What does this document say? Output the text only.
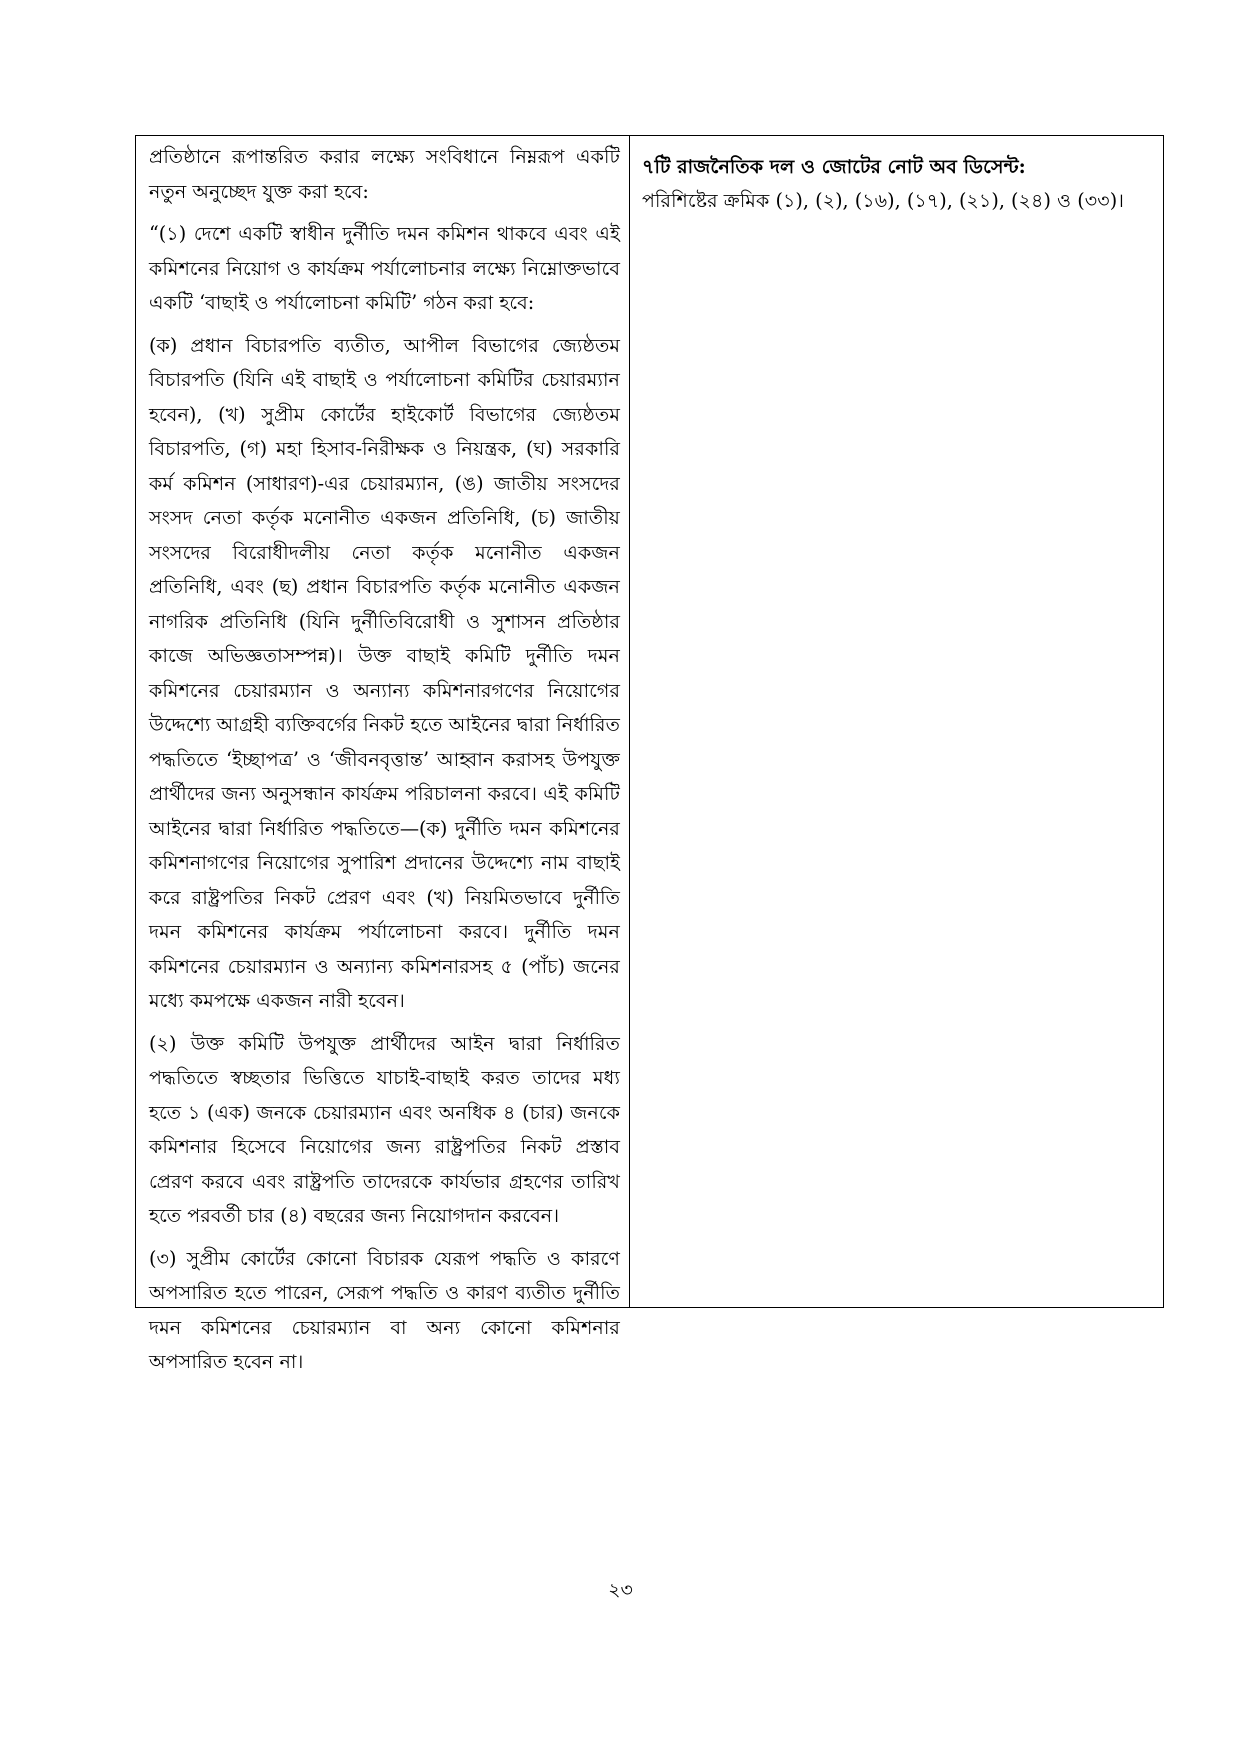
প্রতিষ্ঠানে রূপান্তরিত করার লক্ষ্যে সংবিধানে নিম্নরূপ একটি নতুন অনুচ্ছেদ যুক্ত করা হবে:

“(১) দেশে একটি স্বাধীন দুর্নীতি দমন কমিশন থাকবে এবং এই কমিশনের নিয়োগ ও কার্যক্রম পর্যালোচনার লক্ষ্যে নিম্নোক্তভাবে একটি ‘বাছাই ও পর্যালোচনা কমিটি’ গঠন করা হবে:

(ক) প্রধান বিচারপতি ব্যতীত, আপীল বিভাগের জ্যেষ্ঠতম বিচারপতি (যিনি এই বাছাই ও পর্যালোচনা কমিটির চেয়ারম্যান হবেন), (খ) সুপ্রীম কোর্টের হাইকোর্ট বিভাগের জ্যেষ্ঠতম বিচারপতি, (গ) মহা হিসাব-নিরীক্ষক ও নিয়ন্ত্রক, (ঘ) সরকারি কর্ম কমিশন (সাধারণ)-এর চেয়ারম্যান, (ঙ) জাতীয় সংসদের সংসদ নেতা কর্তৃক মনোনীত একজন প্রতিনিধি, (চ) জাতীয় সংসদের বিরোধীদলীয় নেতা কর্তৃক মনোনীত একজন প্রতিনিধি, এবং (ছ) প্রধান বিচারপতি কর্তৃক মনোনীত একজন নাগরিক প্রতিনিধি (যিনি দুর্নীতিবিরোধী ও সুশাসন প্রতিষ্ঠার কাজে অভিজ্ঞতাসম্পন্ন)। উক্ত বাছাই কমিটি দুর্নীতি দমন কমিশনের চেয়ারম্যান ও অন্যান্য কমিশনারগণের নিয়োগের উদ্দেশ্যে আগ্রহী ব্যক্তিবর্গের নিকট হতে আইনের দ্বারা নির্ধারিত পদ্ধতিতে ‘ইচ্ছাপত্র’ ও ‘জীবনবৃত্তান্ত’ আহ্বান করাসহ উপযুক্ত প্রার্থীদের জন্য অনুসন্ধান কার্যক্রম পরিচালনা করবে। এই কমিটি আইনের দ্বারা নির্ধারিত পদ্ধতিতে—(ক) দুর্নীতি দমন কমিশনের কমিশনাগণের নিয়োগের সুপারিশ প্রদানের উদ্দেশ্যে নাম বাছাই করে রাষ্ট্রপতির নিকট প্রেরণ এবং (খ) নিয়মিতভাবে দুর্নীতি দমন কমিশনের কার্যক্রম পর্যালোচনা করবে। দুর্নীতি দমন কমিশনের চেয়ারম্যান ও অন্যান্য কমিশনারসহ ৫ (পাঁচ) জনের মধ্যে কমপক্ষে একজন নারী হবেন।

(২) উক্ত কমিটি উপযুক্ত প্রার্থীদের আইন দ্বারা নির্ধারিত পদ্ধতিতে স্বচ্ছতার ভিত্তিতে যাচাই-বাছাই করত তাদের মধ্য হতে ১ (এক) জনকে চেয়ারম্যান এবং অনধিক ৪ (চার) জনকে কমিশনার হিসেবে নিয়োগের জন্য রাষ্ট্রপতির নিকট প্রস্তাব প্রেরণ করবে এবং রাষ্ট্রপতি তাদেরকে কার্যভার গ্রহণের তারিখ হতে পরবর্তী চার (৪) বছরের জন্য নিয়োগদান করবেন।

(৩) সুপ্রীম কোর্টের কোনো বিচারক যেরূপ পদ্ধতি ও কারণে অপসারিত হতে পারেন, সেরূপ পদ্ধতি ও কারণ ব্যতীত দুর্নীতি দমন কমিশনের চেয়ারম্যান বা অন্য কোনো কমিশনার অপসারিত হবেন না।

৭টি রাজনৈতিক দল ও জোটের নোট অব ডিসেন্ট:

পরিশিষ্টের ক্রমিক (১), (২), (১৬), (১৭), (২১), (২৪) ও (৩৩)।

২৩
